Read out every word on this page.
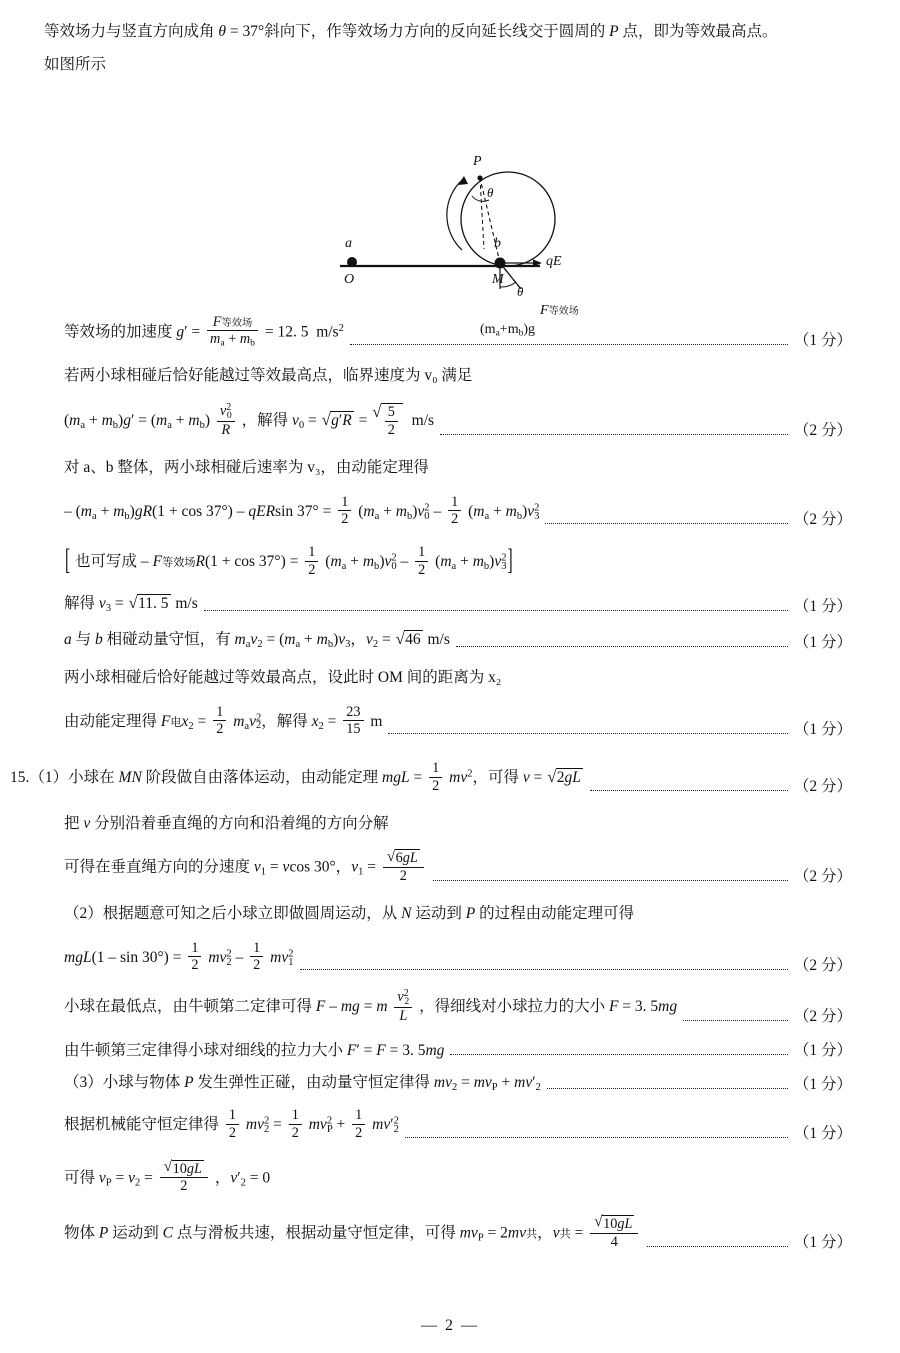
等效场力与竖直方向成角 θ = 37°斜向下，作等效场力方向的反向延长线交于圆周的 P 点，即为等效最高点。
如图所示
P
θ
a	b
O	M
qE
θ
F等效场
$(m_a+m_b)g$
等效场的加速度 $g' = \frac{\text{F等效场}}{m_a + m_b} = 12$. 5  $m/s^2$
（1 分）
若两小球相碰后恰好能越过等效最高点，临界速度为 v₀ 满足
$(m_a + m_b)g' = (m_a + m_b) \frac{v^2_0}{R}$ ，解得 $v_0$ = √ g′R = √ $\frac{5}{2} m/s$
（2 分）
对 a、b 整体，两小球相碰后速率为 v₃，由动能定理得
– $(m_a + m_b)gR(1 + \cos 37^\circ) - qERsin$ $37^\circ = \frac{1}{2} (m_a + m_b)v^2_0 - \frac{1}{2} (m_a + m_b)v^2_3$	（2 分）
[ 也可写成 – F等效场$R(1 + \cos 37^\circ) = \frac{1}{2} (m_a + m_b)v^2_0 - \frac{1}{2} (m_a + m_b)v^2_3$]
解得 $v_3$ = √ 11. 5 m/s	（1 分）
a 与 b 相碰动量守恒，有 $m_av_2 = (m_a + m_b)v_3$，$v_2$ = √ 46 m/s	（1 分）
两小球相碰后恰好能越过等效最高点，设此时 OM 间的距离为 x₂
由动能定理得 F电$x_2 = \frac{1}{2} m_av^2_2$，解得 $x_2 = \frac{23}{15}$ m
（1 分）
15.（1）小球在 MN 阶段做自由落体运动，由动能定理 mgL = $\frac{1}{2} mv^2$，可得 v = √ 2gL
（2 分）
把 v 分别沿着垂直绳的方向和沿着绳的方向分解
可得在垂直绳方向的分速度 $v_1 = vcos$ 30°，$v_1$ = √ $\frac{6gL}{2}$	（2 分）
（2）根据题意可知之后小球立即做圆周运动，从 N 运动到 P 的过程由动能定理可得
$mgL(1 - \sin 30^\circ) = \frac{1}{2} mv^2_2 - \frac{1}{2} mv^2_1$	（2 分）
小球在最低点，由牛顿第二定律可得 F – mg = m $\frac{v^2_2}{L}$ ，得细线对小球拉力的大小 F = 3. 5mg
（2 分）
由牛顿第三定律得小球对细线的拉力大小 F′ = F = 3. 5mg	（1 分）
（3）小球与物体 P 发生弹性正碰，由动量守恒定律得 $mv_2 = mv_P + mv'_2$	（1 分）
根据机械能守恒定律得 $\frac{1}{2} mv^2_2 = \frac{1}{2} mv^2_P + \frac{1}{2} mv'^2_2$	（1 分）
可得 $v_P = v_2$ = √ $\frac{10gL}{2}$ ，$v'_2 = 0$
物体 P 运动到 C 点与滑板共速，根据动量守恒定律，可得 $mv_P = 2mv$共，v共 = √ $\frac{10gL}{4}$	（1 分）
— 2 —
